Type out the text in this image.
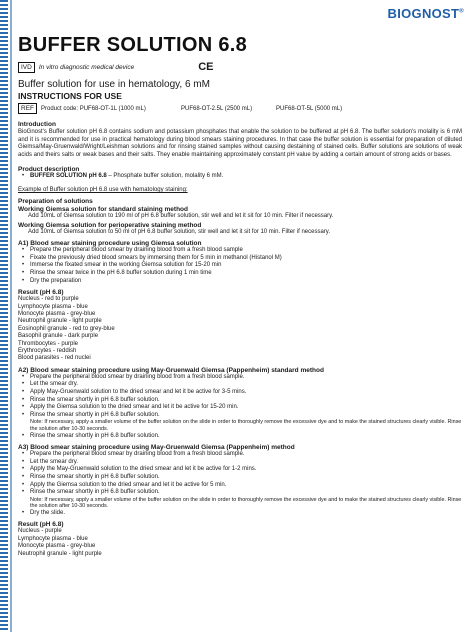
BIOGNOST®
BUFFER SOLUTION 6.8
IVD	In vitro diagnostic medical device	CE
Buffer solution for use in hematology, 6 mM
INSTRUCTIONS FOR USE
REF	Product code: PUF68-OT-1L (1000 mL)	PUF68-OT-2.5L (2500 mL)	PUF68-OT-5L (5000 mL)
Introduction
BioGnost's Buffer solution pH 6.8 contains sodium and potassium phosphates that enable the solution to be buffered at pH 6.8. The buffer solution's molality is 6 mM and it is recommended for use in practical hematology during blood smears staining procedures. In that case the buffer solution is essential for preparation of diluted Giemsa/May-Gruenwald/Wright/Leishman solutions and for rinsing stained samples without causing destaining of stained cells. Buffer solutions are solutions of weak acids and theirs salts or weak bases and their salts. They enable maintaining approximately constant pH value by adding a certain amount of strong acids or bases.
Product description
• BUFFER SOLUTION pH 6.8 – Phosphate buffer solution, molality 6 mM.
Example of Buffer solution pH 6.8 use with hematology staining:
Preparation of solutions
Working Giemsa solution for standard staining method
Add 10mL of Giemsa solution to 190 ml of pH 6.8 buffer solution, stir well and let it sit for 10 min. Filter if necessary.
Working Giemsa solution for perioperative staining method
Add 10mL of Giemsa solution to 50 ml of pH 6.8 buffer solution, stir well and let it sit for 10 min. Filter if necessary.
A1) Blood smear staining procedure using Giemsa solution
• Prepare the peripheral blood smear by draining blood from a fresh blood sample
• Fixate the previously dried blood smears by immersing them for 5 min in methanol (Histanol M)
• Immerse the fixated smear in the working Giemsa solution for 15-20 min
• Rinse the smear twice in the pH 6.8 buffer solution during 1 min time
• Dry the preparation
Result (pH 6.8)
Nucleus - red to purple
Lymphocyte plasma - blue
Monocyte plasma - grey-blue
Neutrophil granule - light purple
Eosinophil granule - red to grey-blue
Basophil granule - dark purple
Thrombocytes - purple
Erythrocytes - reddish
Blood parasites - red nuclei
A2) Blood smear staining procedure using May-Gruenwald Giemsa (Pappenheim) standard method
• Prepare the peripheral blood smear by draining blood from a fresh blood sample.
• Let the smear dry.
• Apply May-Gruenwald solution to the dried smear and let it be active for 3-5 mins.
• Rinse the smear shortly in pH 6.8 buffer solution.
• Apply the Giemsa solution to the dried smear and let it be active for 15-20 min.
• Rinse the smear shortly in pH 6.8 buffer solution.
Note: If necessary, apply a smaller volume of the buffer solution on the slide in order to thoroughly remove the excessive dye and to make the stained structures clearly visible. Rinse the solution after 10-30 seconds.
• Rinse the smear shortly in pH 6.8 buffer solution.
A3) Blood smear staining procedure using May-Gruenwald Giemsa (Pappenheim) method
• Prepare the peripheral blood smear by draining blood from a fresh blood sample.
• Let the smear dry.
• Apply the May-Gruenwald solution to the dried smear and let it be active for 1-2 mins.
• Rinse the smear shortly in pH 6.8 buffer solution.
• Apply the Giemsa solution to the dried smear and let it be active for 5 min.
• Rinse the smear shortly in pH 6.8 buffer solution.
Note: If necessary, apply a smaller volume of the buffer solution on the slide in order to thoroughly remove the excessive dye and to make the stained structures clearly visible. Rinse the solution after 10-30 seconds.
• Dry the slide.
Result (pH 6.8)
Nucleus - purple
Lymphocyte plasma - blue
Monocyte plasma - grey-blue
Neutrophil granule - light purple
